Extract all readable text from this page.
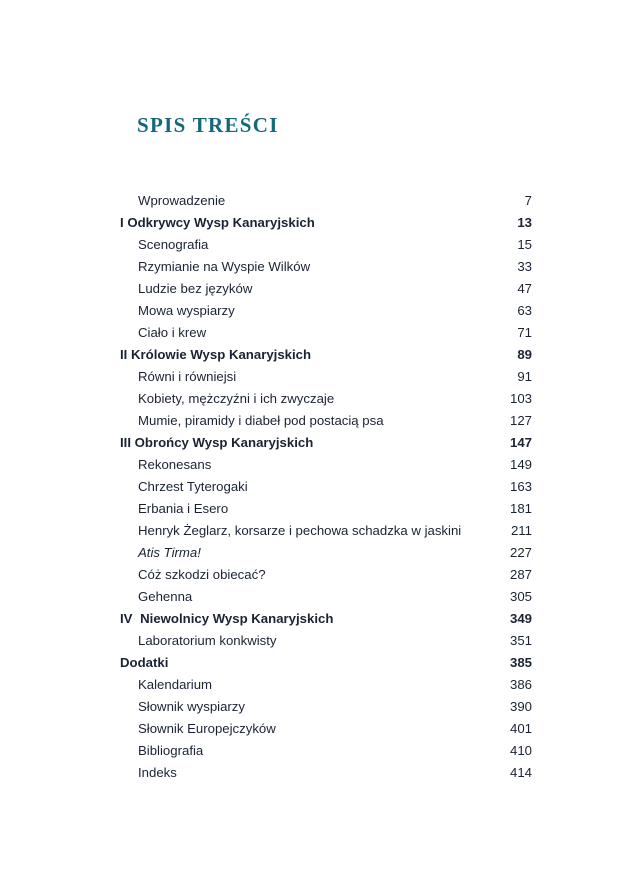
SPIS TREŚCI
Wprowadzenie	7
I Odkrywcy Wysp Kanaryjskich	13
Scenografia	15
Rzymianie na Wyspie Wilków	33
Ludzie bez języków	47
Mowa wyspiarzy	63
Ciało i krew	71
II Królowie Wysp Kanaryjskich	89
Równi i równiejsi	91
Kobiety, mężczyźni i ich zwyczaje	103
Mumie, piramidy i diabeł pod postacią psa	127
III Obrońcy Wysp Kanaryjskich	147
Rekonesans	149
Chrzest Tyterogaki	163
Erbania i Esero	181
Henryk Żeglarz, korsarze i pechowa schadzka w jaskini	211
Atis Tirma!	227
Cóż szkodzi obiecać?	287
Gehenna	305
IV Niewolnicy Wysp Kanaryjskich	349
Laboratorium konkwisty	351
Dodatki	385
Kalendarium	386
Słownik wyspiarzy	390
Słownik Europejczyków	401
Bibliografia	410
Indeks	414
